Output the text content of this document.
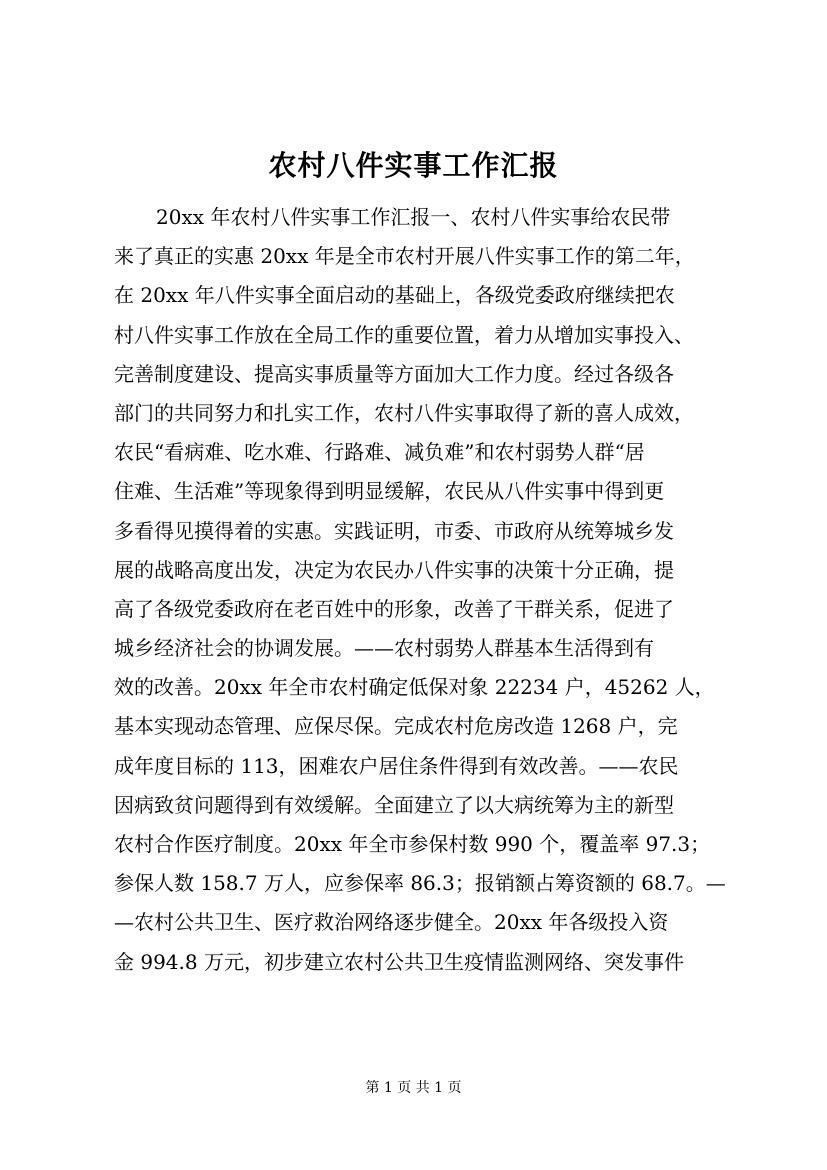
农村八件实事工作汇报
20xx 年农村八件实事工作汇报一、农村八件实事给农民带
来了真正的实惠 20xx 年是全市农村开展八件实事工作的第二年，
在 20xx 年八件实事全面启动的基础上，各级党委政府继续把农
村八件实事工作放在全局工作的重要位置，着力从增加实事投入、
完善制度建设、提高实事质量等方面加大工作力度。经过各级各
部门的共同努力和扎实工作，农村八件实事取得了新的喜人成效，
农民“看病难、吃水难、行路难、减负难”和农村弱势人群“居
住难、生活难”等现象得到明显缓解，农民从八件实事中得到更
多看得见摸得着的实惠。实践证明，市委、市政府从统筹城乡发
展的战略高度出发，决定为农民办八件实事的决策十分正确，提
高了各级党委政府在老百姓中的形象，改善了干群关系，促进了
城乡经济社会的协调发展。——农村弱势人群基本生活得到有
效的改善。20xx 年全市农村确定低保对象 22234 户，45262 人，
基本实现动态管理、应保尽保。完成农村危房改造 1268 户，完
成年度目标的 113，困难农户居住条件得到有效改善。——农民
因病致贫问题得到有效缓解。全面建立了以大病统筹为主的新型
农村合作医疗制度。20xx 年全市参保村数 990 个，覆盖率 97.3；
参保人数 158.7 万人，应参保率 86.3；报销额占筹资额的 68.7。—
—农村公共卫生、医疗救治网络逐步健全。20xx 年各级投入资
金 994.8 万元，初步建立农村公共卫生疫情监测网络、突发事件
第 1 页 共 1 页
